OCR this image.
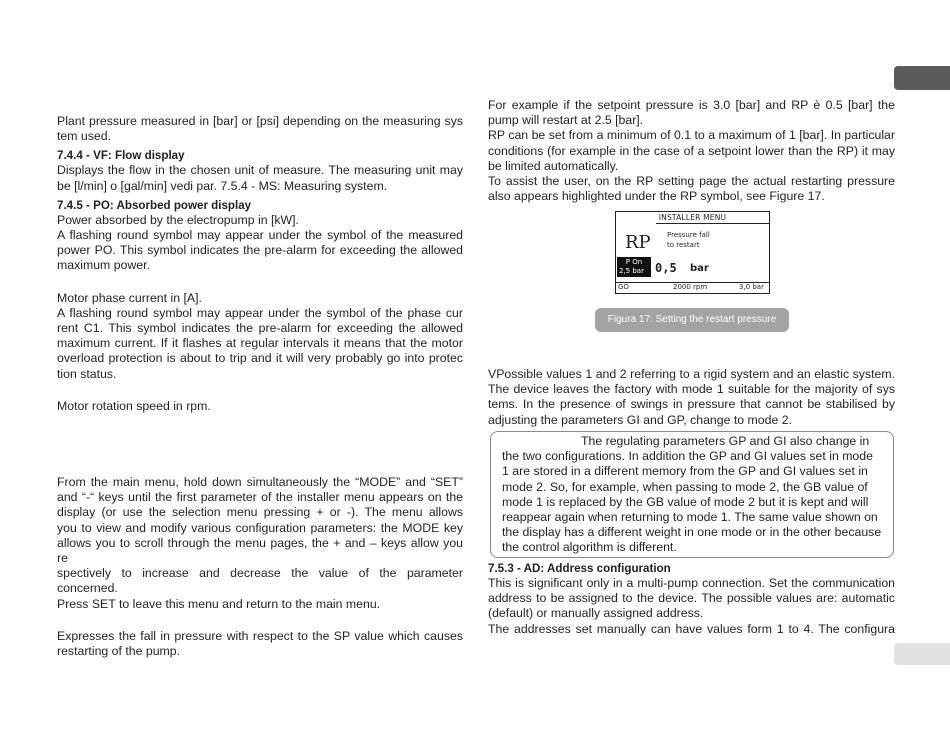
Plant pressure measured in [bar] or [psi] depending on the measuring sys

tem used.

7.4.4 - VF: Flow display

Displays the flow in the chosen unit of measure. The measuring unit may

be [l/min] o [gal/min] vedi par. 7.5.4 - MS: Measuring system.

7.4.5 - PO: Absorbed power display

Power absorbed by the electropump in [kW].

A flashing round symbol may appear under the symbol of the measured

power PO. This symbol indicates the pre-alarm for exceeding the allowed

maximum power.

Motor phase current in [A].

A flashing round symbol may appear under the symbol of the phase cur

rent C1. This symbol indicates the pre-alarm for exceeding the allowed

maximum current. If it flashes at regular intervals it means that the motor

overload protection is about to trip and it will very probably go into protec

tion status.

Motor rotation speed in rpm.

From the main menu, hold down simultaneously the “MODE” and “SET”

and “-“ keys until the first parameter of the installer menu appears on the

display (or use the selection menu pressing + or -). The menu allows

you to view and modify various configuration parameters: the MODE key

allows you to scroll through the menu pages, the + and – keys allow you re

spectively to increase and decrease the value of the parameter concerned.

Press SET to leave this menu and return to the main menu.

Expresses the fall in pressure with respect to the SP value which causes

restarting of the pump.

For example if the setpoint pressure is 3.0 [bar] and RP è 0.5 [bar] the

pump will restart at 2.5 [bar].

RP can be set from a minimum of 0.1 to a maximum of 1 [bar]. In particular

conditions (for example in the case of a setpoint lower than the RP) it may

be limited automatically.

To assist the user, on the RP setting page the actual restarting pressure

also appears highlighted under the RP symbol, see Figure 17.

INSTALLER MENU
RP Pressure fall
to restart
P On
2,5 bar 0,5 bar
GO	2000 rpm	3,0 bar
Figura 17: Setting the restart pressure

VPossible values 1 and 2 referring to a rigid system and an elastic system.

The device leaves the factory with mode 1 suitable for the majority of sys

tems. In the presence of swings in pressure that cannot be stabilised by

adjusting the parameters GI and GP, change to mode 2.

The regulating parameters GP and GI also change in

the two configurations. In addition the GP and GI values set in mode

1 are stored in a different memory from the GP and GI values set in

mode 2. So, for example, when passing to mode 2, the GB value of

mode 1 is replaced by the GB value of mode 2 but it is kept and will

reappear again when returning to mode 1. The same value shown on

the display has a different weight in one mode or in the other because

the control algorithm is different.

7.5.3 - AD: Address configuration

This is significant only in a multi-pump connection. Set the communication

address to be assigned to the device. The possible values are: automatic

(default) or manually assigned address.

The addresses set manually can have values form 1 to 4. The configura
